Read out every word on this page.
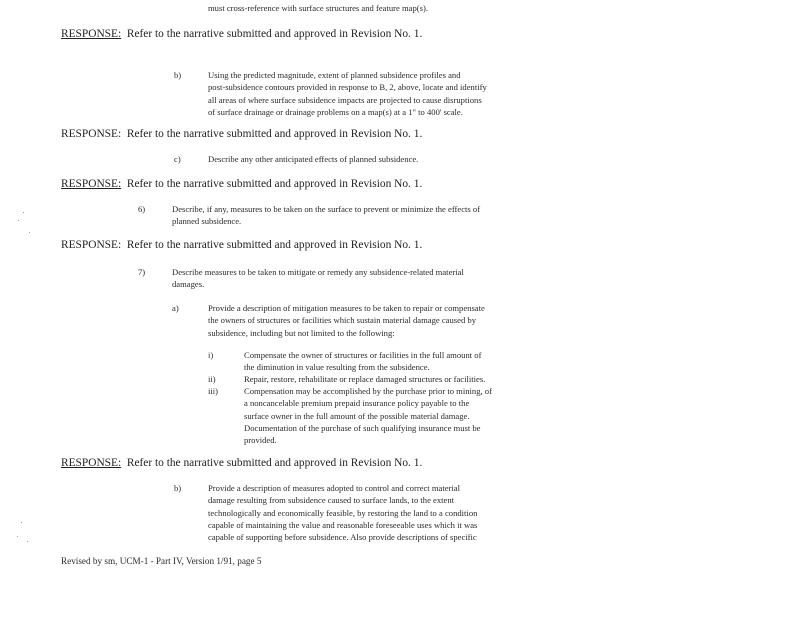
must cross-reference with surface structures and feature map(s).
RESPONSE: Refer to the narrative submitted and approved in Revision No. 1.
b)	Using the predicted magnitude, extent of planned subsidence profiles and
post-subsidence contours provided in response to B, 2, above, locate and identify
all areas of where surface subsidence impacts are projected to cause disruptions
of surface drainage or drainage problems on a map(s) at a 1" to 400' scale.
RESPONSE: Refer to the narrative submitted and approved in Revision No. 1.
c)	Describe any other anticipated effects of planned subsidence.
RESPONSE: Refer to the narrative submitted and approved in Revision No. 1.
6)	Describe, if any, measures to be taken on the surface to prevent or minimize the effects of
planned subsidence.
RESPONSE: Refer to the narrative submitted and approved in Revision No. 1.
7)	Describe measures to be taken to mitigate or remedy any subsidence-related material
damages.
a)	Provide a description of mitigation measures to be taken to repair or compensate
the owners of structures or facilities which sustain material damage caused by
subsidence, including but not limited to the following:
i)	Compensate the owner of structures or facilities in the full amount of
the diminution in value resulting from the subsidence.
ii)	Repair, restore, rehabilitate or replace damaged structures or facilities.
iii)	Compensation may be accomplished by the purchase prior to mining, of
a noncancelable premium prepaid insurance policy payable to the
surface owner in the full amount of the possible material damage.
Documentation of the purchase of such qualifying insurance must be
provided.
RESPONSE: Refer to the narrative submitted and approved in Revision No. 1.
b)	Provide a description of measures adopted to control and correct material
damage resulting from subsidence caused to surface lands, to the extent
technologically and economically feasible, by restoring the land to a condition
capable of maintaining the value and reasonable foreseeable uses which it was
capable of supporting before subsidence. Also provide descriptions of specific
Revised by sm, UCM-1 - Part IV, Version 1/91, page 5
